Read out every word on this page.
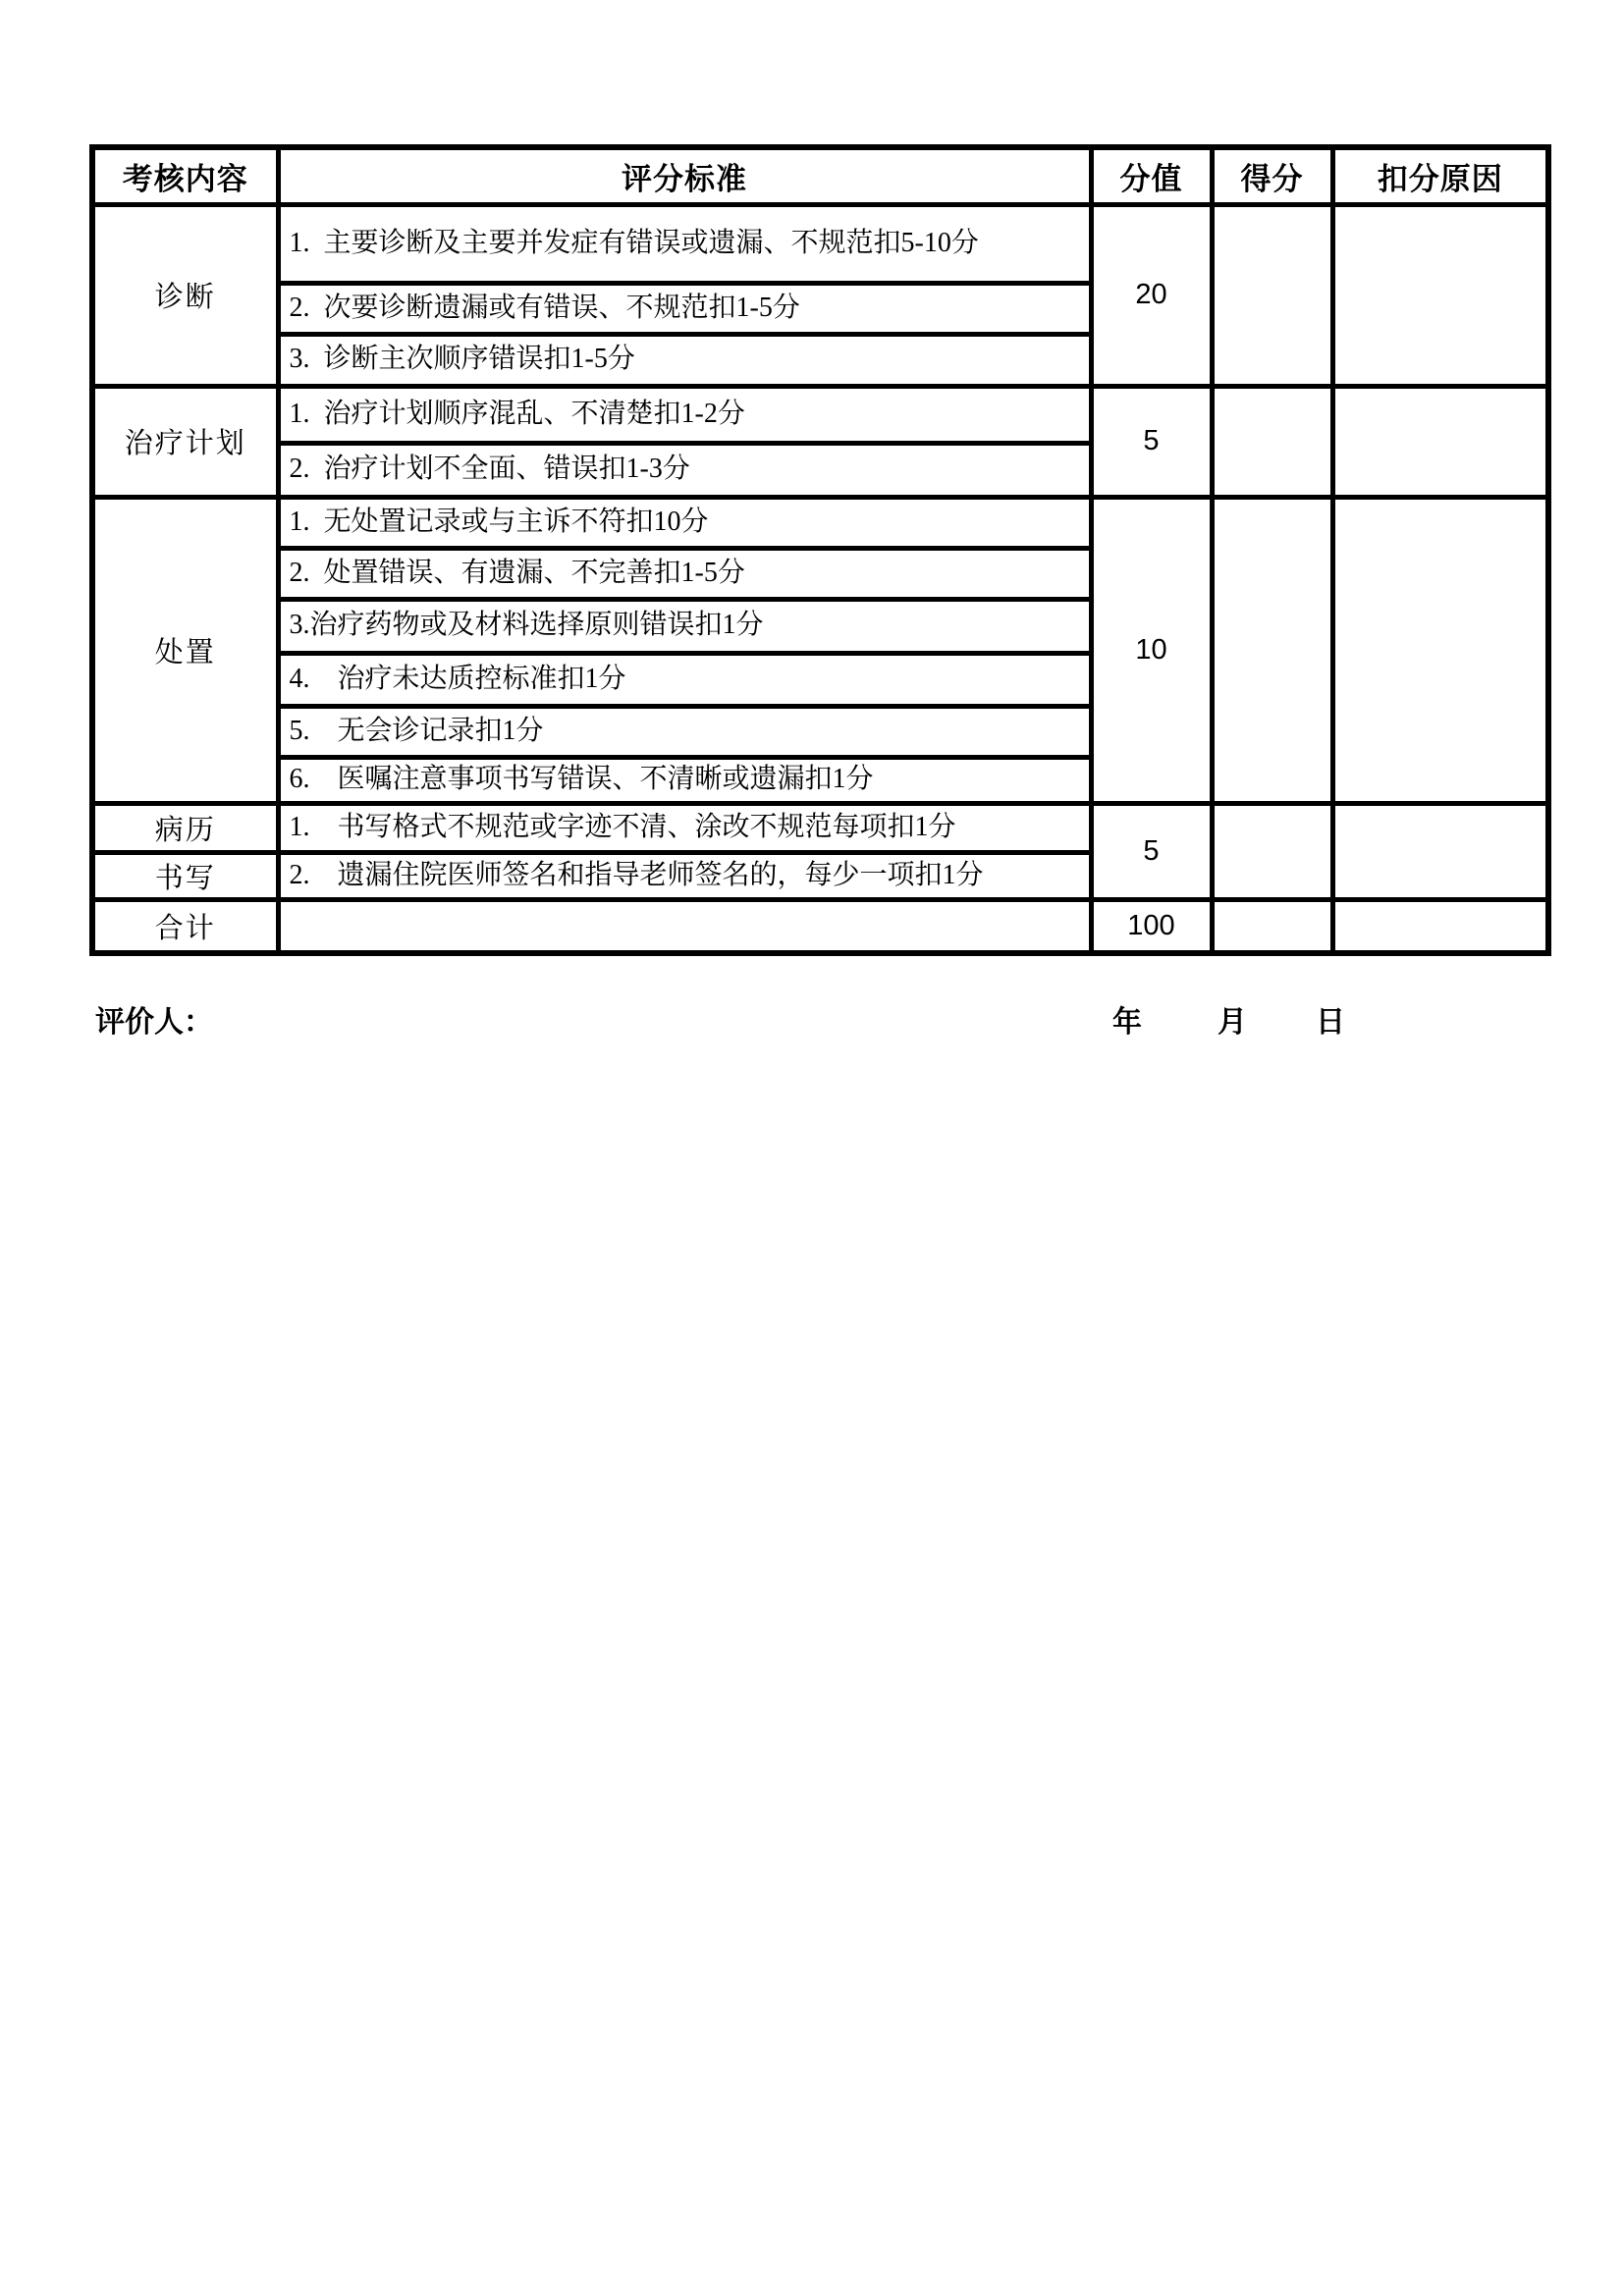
考核内容	评分标准	分值	得分	扣分原因
诊断	1.  主要诊断及主要并发症有错误或遗漏、不规范扣5-10分	20		
	2.  次要诊断遗漏或有错误、不规范扣1-5分			
	3.  诊断主次顺序错误扣1-5分			
治疗计划	1.  治疗计划顺序混乱、不清楚扣1-2分	5		
	2.  治疗计划不全面、错误扣1-3分			
处置	1.  无处置记录或与主诉不符扣10分	10		
	2.  处置错误、有遗漏、不完善扣1-5分			
	3.治疗药物或及材料选择原则错误扣1分			
	4.    治疗未达质控标准扣1分			
	5.    无会诊记录扣1分			
	6.    医嘱注意事项书写错误、不清晰或遗漏扣1分			
病历	1.    书写格式不规范或字迹不清、涂改不规范每项扣1分	5		
书写	2.    遗漏住院医师签名和指导老师签名的，每少一项扣1分			
合计		100		
评价人：	年	月 日
